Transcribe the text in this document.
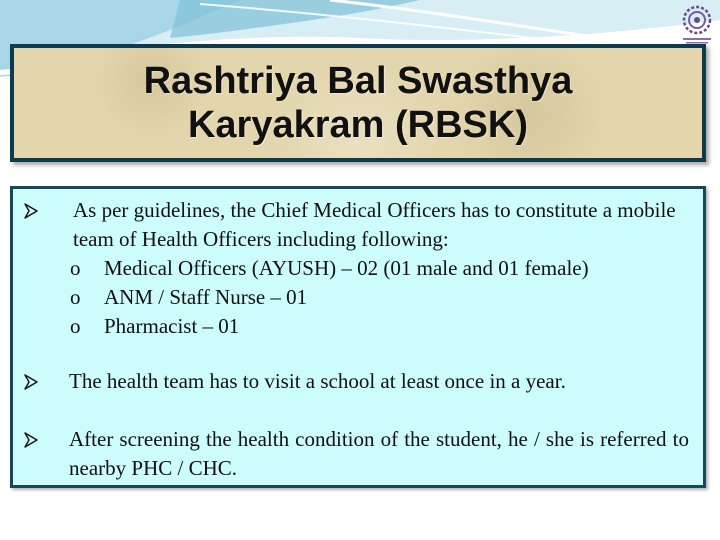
Rashtriya Bal Swasthya
Karyakram (RBSK)
As per guidelines, the Chief Medical Officers has to constitute a mobile team of Health Officers including following:
o Medical Officers (AYUSH) – 02 (01 male and 01 female)
o ANM / Staff Nurse – 01
o Pharmacist – 01
The health team has to visit a school at least once in a year.
After screening the health condition of the student, he / she is referred to nearby PHC / CHC.
